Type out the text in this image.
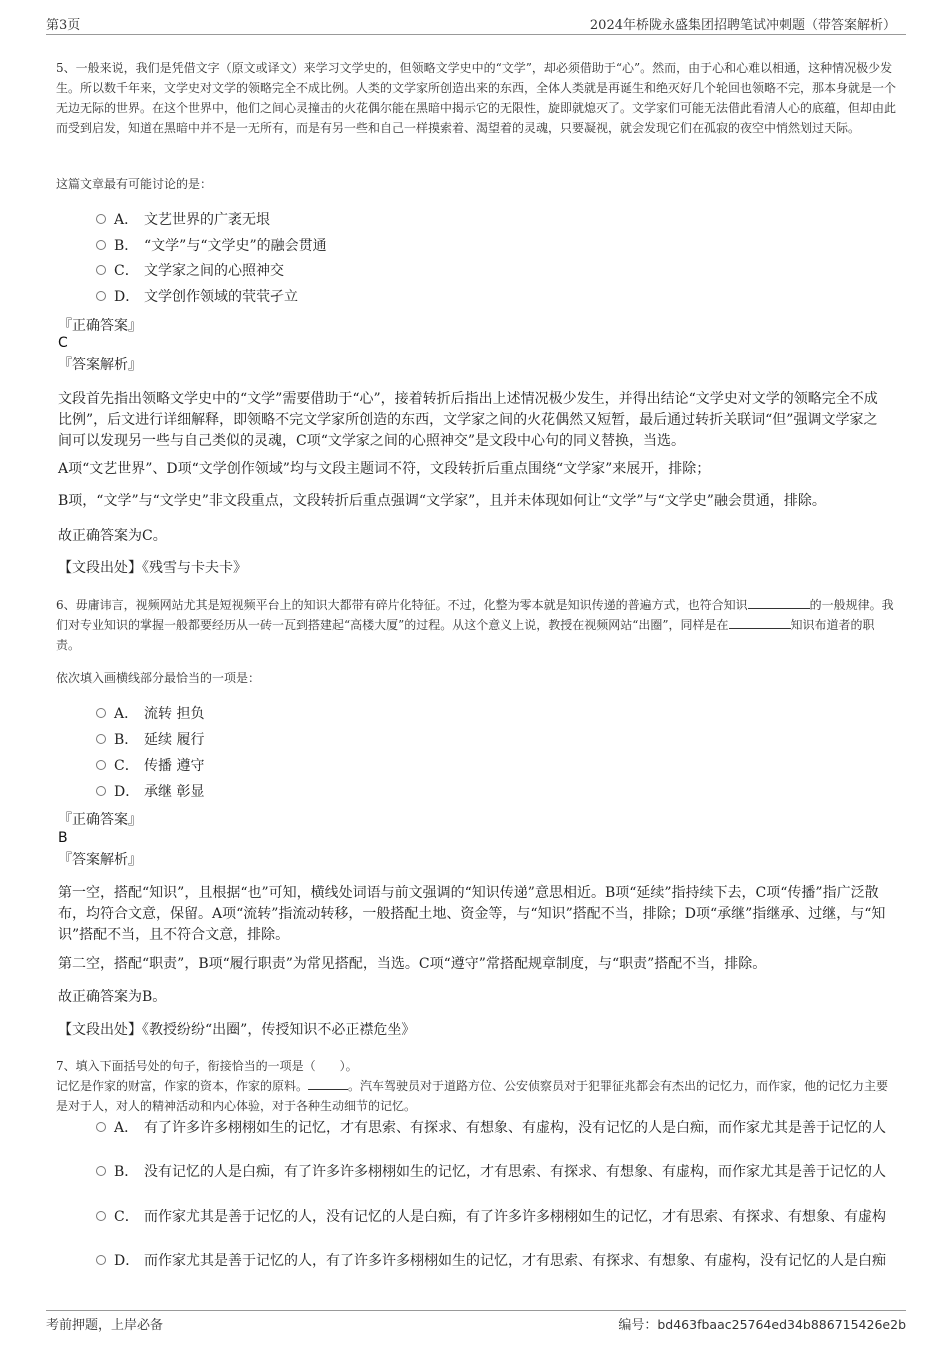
第3页	2024年桥陇永盛集团招聘笔试冲刺题（带答案解析）
5、一般来说，我们是凭借文字（原文或译文）来学习文学史的，但领略文学史中的“文学”，却必须借助于“心”。然而，由于心和心难以相通，这种情况极少发生。所以数千年来，文学史对文学的领略完全不成比例。人类的文学家所创造出来的东西，全体人类就是再诞生和绝灭好几个轮回也领略不完，那本身就是一个无边无际的世界。在这个世界中，他们之间心灵撞击的火花偶尔能在黑暗中揭示它的无限性，旋即就熄灭了。文学家们可能无法借此看清人心的底蕴，但却由此而受到启发，知道在黑暗中并不是一无所有，而是有另一些和自己一样摸索着、渴望着的灵魂，只要凝视，就会发现它们在孤寂的夜空中悄然划过天际。
这篇文章最有可能讨论的是：
A． 文艺世界的广袤无垠
B． “文学”与“文学史”的融会贯通
C． 文学家之间的心照神交
D． 文学创作领域的茕茕孑立
『正确答案』
C
『答案解析』
文段首先指出领略文学史中的“文学”需要借助于“心”，接着转折后指出上述情况极少发生，并得出结论“文学史对文学的领略完全不成比例”，后文进行详细解释，即领略不完文学家所创造的东西，文学家之间的火花偶然又短暂，最后通过转折关联词“但”强调文学家之间可以发现另一些与自己类似的灵魂，C项“文学家之间的心照神交”是文段中心句的同义替换，当选。
A项“文艺世界”、D项“文学创作领域”均与文段主题词不符，文段转折后重点围绕“文学家”来展开，排除；
B项，“文学”与“文学史”非文段重点，文段转折后重点强调“文学家”，且并未体现如何让“文学”与“文学史”融会贯通，排除。
故正确答案为C。
【文段出处】《残雪与卡夫卡》
6、毋庸讳言，视频网站尤其是短视频平台上的知识大都带有碎片化特征。不过，化整为零本就是知识传递的普遍方式，也符合知识	的一般规律。我们对专业知识的掌握一般都要经历从一砖一瓦到搭建起“高楼大厦”的过程。从这个意义上说，教授在视频网站“出圈”，同样是在	知识布道者的职责。
依次填入画横线部分最恰当的一项是：
A． 流转 担负
B． 延续 履行
C． 传播 遵守
D． 承继 彰显
『正确答案』
B
『答案解析』
第一空，搭配“知识”，且根据“也”可知，横线处词语与前文强调的“知识传递”意思相近。B项“延续”指持续下去，C项“传播”指广泛散布，均符合文意，保留。A项“流转”指流动转移，一般搭配土地、资金等，与“知识”搭配不当，排除；D项“承继”指继承、过继，与“知识”搭配不当，且不符合文意，排除。
第二空，搭配“职责”，B项“履行职责”为常见搭配，当选。C项“遵守”常搭配规章制度，与“职责”搭配不当，排除。
故正确答案为B。
【文段出处】《教授纷纷“出圈”，传授知识不必正襟危坐》
7、填入下面括号处的句子，衔接恰当的一项是（　　）。
记忆是作家的财富，作家的资本，作家的原料。	。汽车驾驶员对于道路方位、公安侦察员对于犯罪征兆都会有杰出的记忆力，而作家，他的记忆力主要是对于人，对人的精神活动和内心体验，对于各种生动细节的记忆。
A． 有了许多许多栩栩如生的记忆，才有思索、有探求、有想象、有虚构，没有记忆的人是白痴，而作家尤其是善于记忆的人
B． 没有记忆的人是白痴，有了许多许多栩栩如生的记忆，才有思索、有探求、有想象、有虚构，而作家尤其是善于记忆的人
C． 而作家尤其是善于记忆的人，没有记忆的人是白痴，有了许多许多栩栩如生的记忆，才有思索、有探求、有想象、有虚构
D． 而作家尤其是善于记忆的人，有了许多许多栩栩如生的记忆，才有思索、有探求、有想象、有虚构，没有记忆的人是白痴
考前押题，上岸必备	编号：bd463fbaac25764ed34b886715426e2b
